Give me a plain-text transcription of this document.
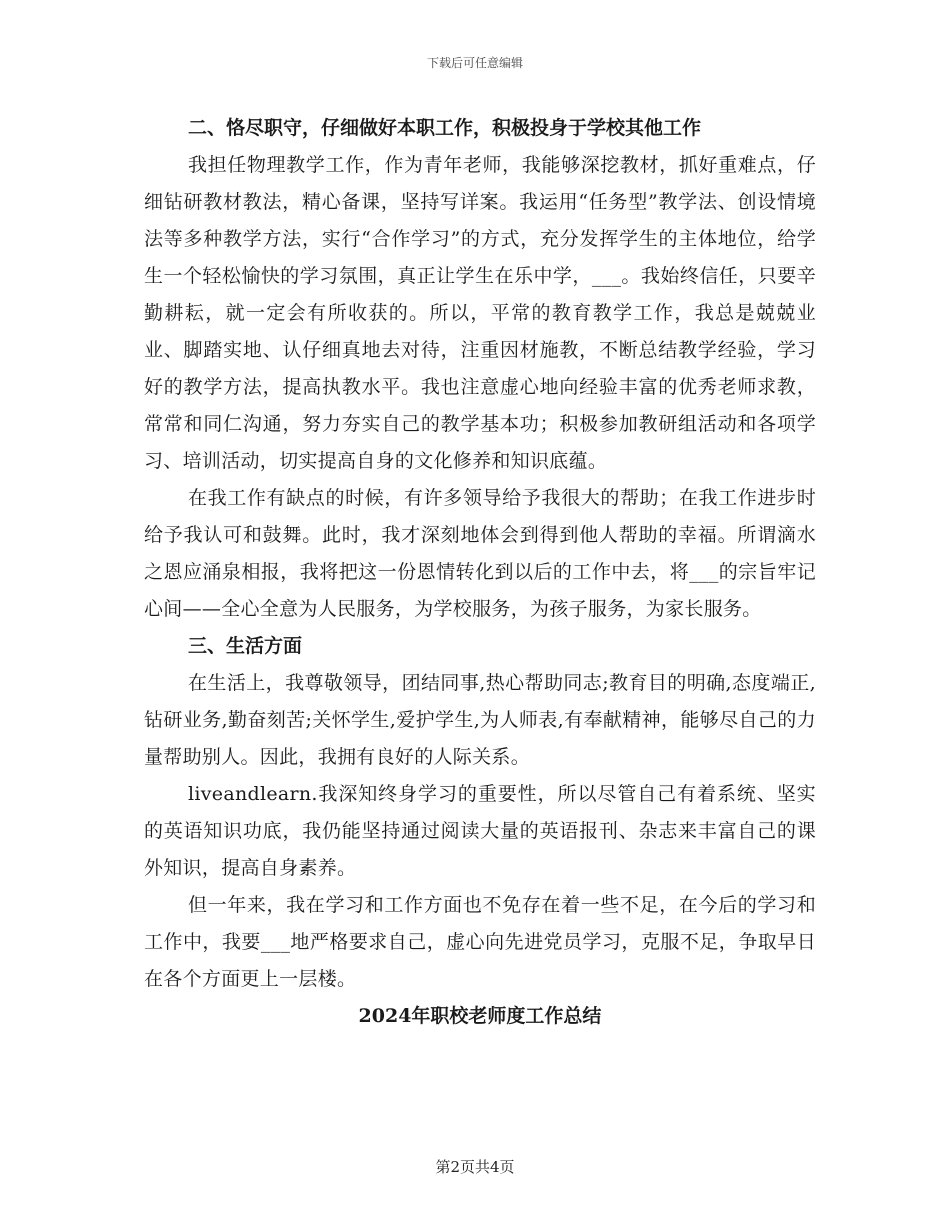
下载后可任意编辑

二、恪尽职守，仔细做好本职工作，积极投身于学校其他工作

我担任物理教学工作，作为青年老师，我能够深挖教材，抓好重难点，仔细钻研教材教法，精心备课，坚持写详案。我运用“任务型”教学法、创设情境法等多种教学方法，实行“合作学习”的方式，充分发挥学生的主体地位，给学生一个轻松愉快的学习氛围，真正让学生在乐中学，___。我始终信任，只要辛勤耕耘，就一定会有所收获的。所以，平常的教育教学工作，我总是兢兢业业、脚踏实地、认仔细真地去对待，注重因材施教，不断总结教学经验，学习好的教学方法，提高执教水平。我也注意虚心地向经验丰富的优秀老师求教，常常和同仁沟通，努力夯实自己的教学基本功；积极参加教研组活动和各项学习、培训活动，切实提高自身的文化修养和知识底蕴。

在我工作有缺点的时候，有许多领导给予我很大的帮助；在我工作进步时给予我认可和鼓舞。此时，我才深刻地体会到得到他人帮助的幸福。所谓滴水之恩应涌泉相报，我将把这一份恩情转化到以后的工作中去，将___的宗旨牢记心间——全心全意为人民服务，为学校服务，为孩子服务，为家长服务。

三、生活方面

在生活上，我尊敬领导，团结同事,热心帮助同志;教育目的明确,态度端正,钻研业务,勤奋刻苦;关怀学生,爱护学生,为人师表,有奉献精神，能够尽自己的力量帮助别人。因此，我拥有良好的人际关系。

liveandlearn.我深知终身学习的重要性，所以尽管自己有着系统、坚实的英语知识功底，我仍能坚持通过阅读大量的英语报刊、杂志来丰富自己的课外知识，提高自身素养。

但一年来，我在学习和工作方面也不免存在着一些不足，在今后的学习和工作中，我要___地严格要求自己，虚心向先进党员学习，克服不足，争取早日在各个方面更上一层楼。

2024年职校老师度工作总结

第2页共4页
